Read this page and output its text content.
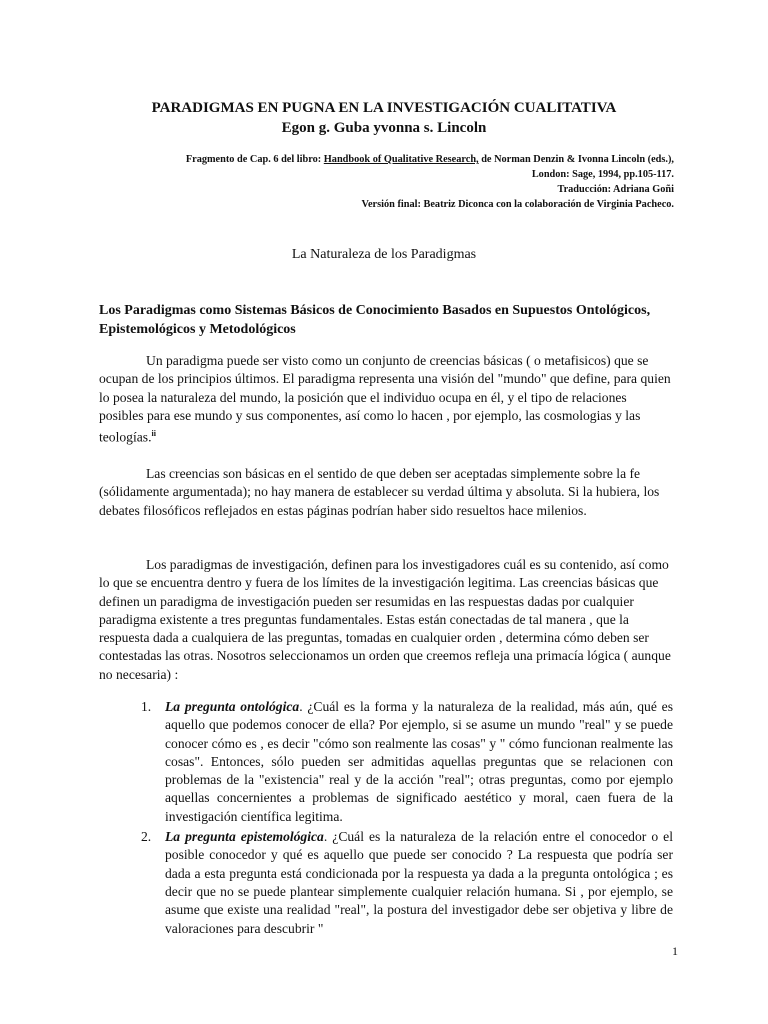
PARADIGMAS EN PUGNA EN LA INVESTIGACIÓN CUALITATIVA
Egon g. Guba yvonna s. Lincoln
Fragmento de Cap. 6 del libro: Handbook of Qualitative Research, de Norman Denzin & Ivonna Lincoln (eds.),
London: Sage, 1994, pp.105-117.
Traducción: Adriana Goñi
Versión final: Beatriz Diconca con la colaboración de Virginia Pacheco.
La Naturaleza de los Paradigmas
Los Paradigmas como Sistemas Básicos de Conocimiento Basados en Supuestos Ontológicos, Epistemológicos y Metodológicos

Un paradigma puede ser visto como un conjunto de creencias básicas ( o metafisicos) que se ocupan de los principios últimos. El paradigma representa una visión del "mundo" que define, para quien lo posea la naturaleza del mundo, la posición que el individuo ocupa en él, y el tipo de relaciones posibles para ese mundo y sus componentes, así como lo hacen , por ejemplo, las cosmologias y las teologías.$^{ii}$

Las creencias son básicas en el sentido de que deben ser aceptadas simplemente sobre la fe (sólidamente argumentada); no hay manera de establecer su verdad última y absoluta. Si la hubiera, los debates filosóficos reflejados en estas páginas podrían haber sido resueltos hace milenios.

Los paradigmas de investigación, definen para los investigadores cuál es su contenido, así como lo que se encuentra dentro y fuera de los límites de la investigación legitima. Las creencias básicas que definen un paradigma de investigación pueden ser resumidas en las respuestas dadas por cualquier paradigma existente a tres preguntas fundamentales. Estas están conectadas de tal manera , que la respuesta dada a cualquiera de las preguntas, tomadas en cualquier orden , determina cómo deben ser contestadas las otras. Nosotros seleccionamos un orden que creemos refleja una primacía lógica ( aunque no necesaria) :

1. La pregunta ontológica. ¿Cuál es la forma y la naturaleza de la realidad, más aún, qué es aquello que podemos conocer de ella? Por ejemplo, si se asume un mundo "real" y se puede conocer cómo es , es decir "cómo son realmente las cosas" y " cómo funcionan realmente las cosas". Entonces, sólo pueden ser admitidas aquellas preguntas que se relacionen con problemas de la "existencia" real y de la acción "real"; otras preguntas, como por ejemplo aquellas concernientes a problemas de significado aestético y moral, caen fuera de la investigación científica legitima.
2. La pregunta epistemológica. ¿Cuál es la naturaleza de la relación entre el conocedor o el posible conocedor y qué es aquello que puede ser conocido ? La respuesta que podría ser dada a esta pregunta está condicionada por la respuesta ya dada a la pregunta ontológica ; es decir que no se puede plantear simplemente cualquier relación humana. Si , por ejemplo, se asume que existe una realidad "real", la postura del investigador debe ser objetiva y libre de valoraciones para descubrir "
1
